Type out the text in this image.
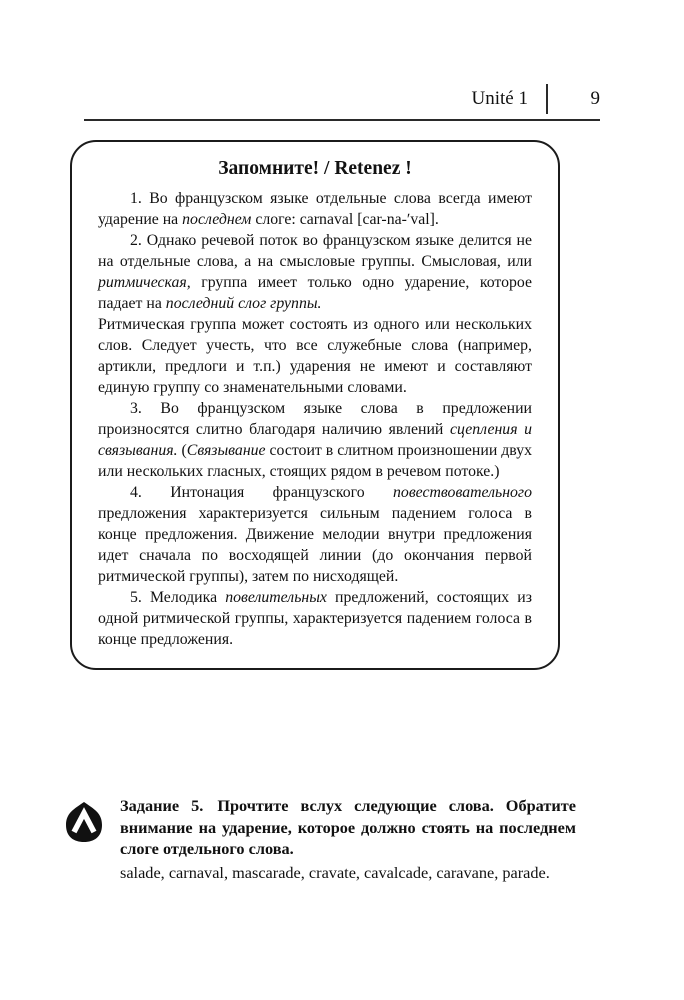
Unité 1	9
Запомните! / Retenez !

1. Во французском языке отдельные слова всегда имеют ударение на последнем слоге: carnaval [car-na-ʹval].

2. Однако речевой поток во французском языке делится не на отдельные слова, а на смысловые группы. Смысловая, или ритмическая, группа имеет только одно ударение, которое падает на последний слог группы.

Ритмическая группа может состоять из одного или нескольких слов. Следует учесть, что все служебные слова (например, артикли, предлоги и т.п.) ударения не имеют и составляют единую группу со знаменательными словами.

3. Во французском языке слова в предложении произносятся слитно благодаря наличию явлений сцепления и связывания. (Связывание состоит в слитном произношении двух или нескольких гласных, стоящих рядом в речевом потоке.)

4. Интонация французского повествовательного предложения характеризуется сильным падением голоса в конце предложения. Движение мелодии внутри предложения идет сначала по восходящей линии (до окончания первой ритмической группы), затем по нисходящей.

5. Мелодика повелительных предложений, состоящих из одной ритмической группы, характеризуется падением голоса в конце предложения.

Задание 5. Прочтите вслух следующие слова. Обратите внимание на ударение, которое должно стоять на последнем слоге отдельного слова.

salade, carnaval, mascarade, cravate, cavalcade, caravane, parade.
